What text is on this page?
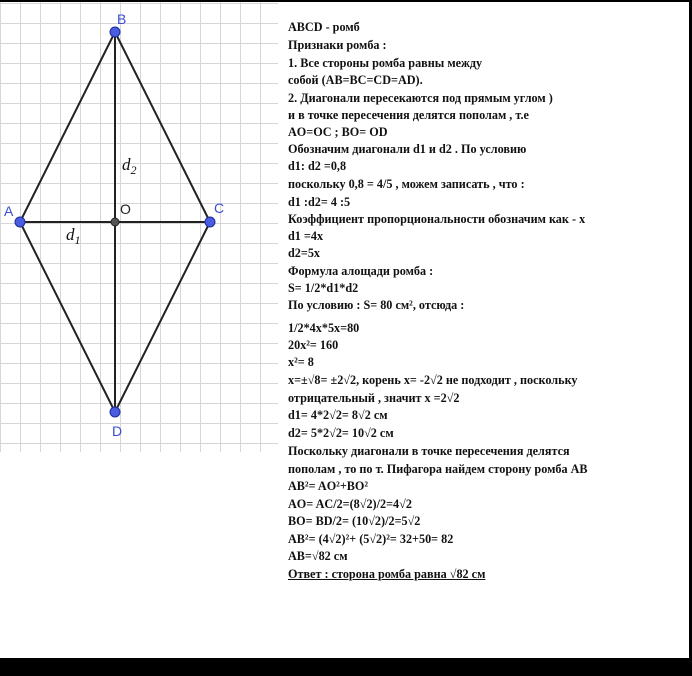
B
C
D
A	O
$d_2$
$d_1$
ABCD - ромб
Признаки ромба :
1. Все стороны ромба равны между
собой (AB=BC=CD=AD).
2. Диагонали пересекаются под прямым углом )
и в точке пересечения делятся пополам , т.е
AO=OC ; BO= OD
Обозначим диагонали d1 и d2 . По условию
d1: d2 =0,8
поскольку 0,8 = 4/5 , можем записать , что :
d1 :d2= 4 :5
Коэффициент пропорциональности обозначим как - x
d1 =4x
d2=5x
Формула алощади ромба :
S= 1/2*d1*d2
По условию : S= 80 см², отсюда :
1/2*4x*5x=80
20x²= 160
x²= 8
x=±√8= ±2√2, корень x= -2√2 не подходит , поскольку
отрицательный , значит x =2√2
d1= 4*2√2= 8√2 см
d2= 5*2√2= 10√2 см
Поскольку диагонали в точке пересечения делятся
пополам , то по т. Пифагора найдем сторону ромба AB
AB²= AO²+BO²
AO= AC/2=(8√2)/2=4√2
BO= BD/2= (10√2)/2=5√2
AB²= (4√2)²+ (5√2)²= 32+50= 82
AB=√82 см
Ответ : сторона ромба равна √82 см
